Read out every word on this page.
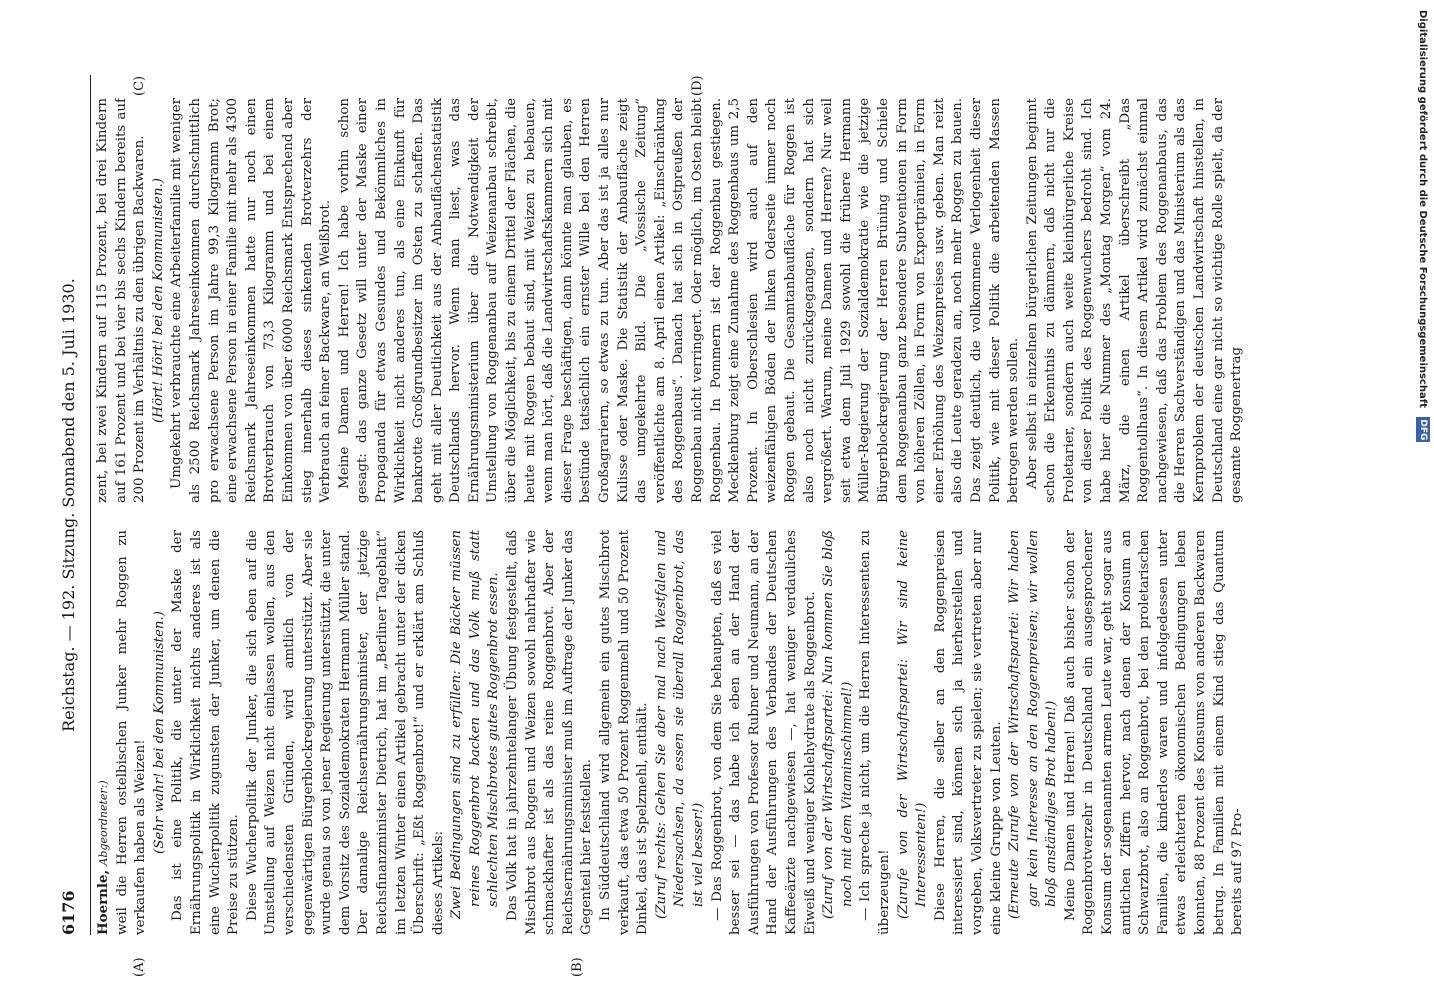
6176
Reichstag. — 192. Sitzung. Sonnabend den 5. Juli 1930.

Hoernle, Abgeordneter:) weil die Herren ostelbischen Junker mehr Roggen zu verkaufen haben als Weizen! (Sehr wahr! bei den Kommunisten.) Das ist eine Politik, die unter der Maske der Ernährungspolitik in Wirklichkeit nichts anderes ist als eine Wucherpolitik zugunsten der Junker, um denen die Preise zu stützen. Diese Wucherpolitik der Junker, die sich eben auf die Umstellung auf Weizen nicht einlassen wollen, aus den verschiedensten Gründen, wird amtlich von der gegenwärtigen Bürgerblockregierung unterstützt. Aber sie wurde genau so von jener Regierung unterstützt, die unter dem Vorsitz des Sozialdemokraten Hermann Müller stand. Der damalige Reichsernährungsminister, der jetzige Reichsfinanzminister Dietrich, hat im „Berliner Tageblatt“ im letzten Winter einen Artikel gebracht unter der dicken Überschrift: „Eßt Roggenbrot!“ und er erklärt am Schluß dieses Artikels: Zwei Bedingungen sind zu erfüllen: Die Bäcker müssen reines Roggenbrot backen und das Volk muß statt schlechten Mischbrotes gutes Roggenbrot essen. Das Volk hat in jahrzehntelanger Übung festgestellt, daß Mischbrot aus Roggen und Weizen sowohl nahrhafter wie schmackhafter ist als das reine Roggenbrot. Aber der Reichsernährungsminister muß im Auftrage der Junker das Gegenteil hier feststellen. In Süddeutschland wird allgemein ein gutes Mischbrot verkauft, das etwa 50 Prozent Roggenmehl und 50 Prozent Dinkel, das ist Spelzmehl, enthält. (Zuruf rechts: Gehen Sie aber mal nach Westfalen und Niedersachsen, da essen sie überall Roggenbrot, das ist viel besser!) — Das Roggenbrot, von dem Sie behaupten, daß es viel besser sei — das habe ich eben an der Hand der Ausführungen von Professor Rubner und Neumann, an der Hand der Ausführungen des Verbandes der Deutschen Kaffeeärzte nachgewiesen —, hat weniger verdauliches Eiweiß und weniger Kohlehydrate als Roggenbrot. (Zuruf von der Wirtschaftspartei: Nun kommen Sie bloß noch mit dem Vitaminschimmel!) — Ich spreche ja nicht, um die Herren Interessenten zu überzeugen! (Zurufe von der Wirtschaftspartei: Wir sind keine Interessenten!) Diese Herren, die selber an den Roggenpreisen interessiert sind, können sich ja hierherstellen und vorgeben, Volksvertreter zu spielen; sie vertreten aber nur eine kleine Gruppe von Leuten. (Erneute Zurufe von der Wirtschaftspartei: Wir haben gar kein Interesse an den Roggenpreisen; wir wollen bloß anständiges Brot haben!) Meine Damen und Herren! Daß auch bisher schon der Roggenbrotverzehr in Deutschland ein ausgesprochener Konsum der sogenannten armen Leute war, geht sogar aus amtlichen Ziffern hervor, nach denen der Konsum an Schwarzbrot, also an Roggenbrot, bei den proletarischen Familien, die kinderlos waren und infolgedessen unter etwas erleichterten ökonomischen Bedingungen leben konnten, 88 Prozent des Konsums von anderen Backwaren betrug. In Familien mit einem Kind stieg das Quantum bereits auf 97 Pro-

zent, bei zwei Kindern auf 115 Prozent, bei drei Kindern auf 161 Prozent und bei vier bis sechs Kindern bereits auf 200 Prozent im Verhältnis zu den übrigen Backwaren. (Hört! Hört! bei den Kommunisten.) Umgekehrt verbrauchte eine Arbeiterfamilie mit weniger als 2500 Reichsmark Jahreseinkommen durchschnittlich pro erwachsene Person im Jahre 99,3 Kilogramm Brot; eine erwachsene Person in einer Familie mit mehr als 4300 Reichsmark Jahreseinkommen hatte nur noch einen Brotverbrauch von 73,3 Kilogramm und bei einem Einkommen von über 6000 Reichsmark Entsprechend aber stieg innerhalb dieses sinkenden Brotverzehrs der Verbrauch an feiner Backware, an Weißbrot. Meine Damen und Herren! Ich habe vorhin schon gesagt: das ganze Gesetz will unter der Maske einer Propaganda für etwas Gesundes und Bekömmliches in Wirklichkeit nicht anderes tun, als eine Einkunft für bankrotte Großgrundbesitzer im Osten zu schaffen. Das geht mit aller Deutlichkeit aus der Anbauflächenstatistik Deutschlands hervor. Wenn man liest, was das Ernährungsministerium über die Notwendigkeit der Umstellung von Roggenanbau auf Weizenanbau schreibt, über die Möglichkeit, bis zu einem Drittel der Flächen, die heute mit Roggen bebaut sind, mit Weizen zu bebauen, wenn man hört, daß die Landwirtschaftskammern sich mit dieser Frage beschäftigen, dann könnte man glauben, es bestünde tatsächlich ein ernster Wille bei den Herren Großagrariern, so etwas zu tun. Aber das ist ja alles nur Kulisse oder Maske. Die Statistik der Anbaufläche zeigt das umgekehrte Bild. Die „Vossische Zeitung“ veröffentlichte am 8. April einen Artikel: „Einschränkung des Roggenbaus“. Danach hat sich in Ostpreußen der Roggenbau nicht verringert. Oder möglich, im Osten bleibt Roggenbau. In Pommern ist der Roggenbau gestiegen. Mecklenburg zeigt eine Zunahme des Roggenbaus um 2,5 Prozent. In Oberschlesien wird auch auf den weizenfähigen Böden der linken Oderseite immer noch Roggen gebaut. Die Gesamtanbaufläche für Roggen ist also noch nicht zurückgegangen, sondern hat sich vergrößert. Warum, meine Damen und Herren? Nur weil seit etwa dem Juli 1929 sowohl die frühere Hermann Müller-Regierung der Sozialdemokratie wie die jetzige Bürgerblockregierung der Herren Brüning und Schiele dem Roggenanbau ganz besondere Subventionen in Form von höheren Zöllen, in Form von Exportprämien, in Form einer Erhöhung des Weizenpreises usw. geben. Man reizt also die Leute geradezu an, noch mehr Roggen zu bauen. Das zeigt deutlich, die vollkommene Verlogenheit dieser Politik, wie mit dieser Politik die arbeitenden Massen betrogen werden sollen. Aber selbst in einzelnen bürgerlichen Zeitungen beginnt schon die Erkenntnis zu dämmern, daß nicht nur die Proletarier, sondern auch weite kleinbürgerliche Kreise von dieser Politik des Roggenwuchers bedroht sind. Ich habe hier die Nummer des „Montag Morgen“ vom 24. März, die einen Artikel überschreibt „Das Roggentollhaus“. In diesem Artikel wird zunächst einmal nachgewiesen, daß das Problem des Roggenanbaus, das die Herren Sachverständigen und das Ministerium als das Kernproblem der deutschen Landwirtschaft hinstellen, in Deutschland eine gar nicht so wichtige Rolle spielt, da der gesamte Roggenertrag

(A)	(B)
(C)	(D)	Digitalisierung gefördert durch die Deutsche Forschungsgemeinschaft DFG
